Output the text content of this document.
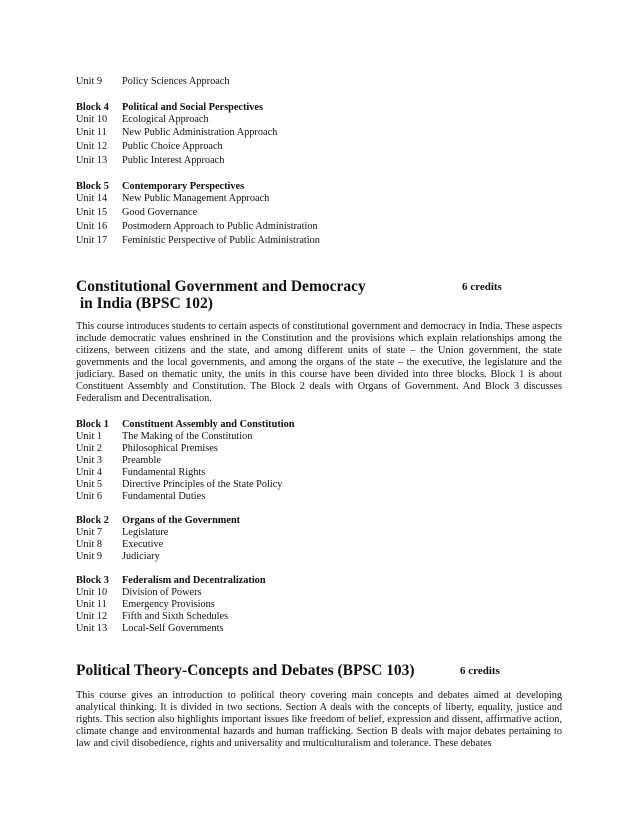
Unit 9 Policy Sciences Approach
Block 4 Political and Social Perspectives
Unit 10 Ecological Approach
Unit 11 New Public Administration Approach
Unit 12 Public Choice Approach
Unit 13 Public Interest Approach
Block 5 Contemporary Perspectives
Unit 14 New Public Management Approach
Unit 15 Good Governance
Unit 16 Postmodern Approach to Public Administration
Unit 17 Feministic Perspective of Public Administration
Constitutional Government and Democracy	6 credits
in India (BPSC 102)

This course introduces students to certain aspects of constitutional government and democracy in India. These aspects include democratic values enshrined in the Constitution and the provisions which explain relationships among the citizens, between citizens and the state, and among different units of state – the Union government, the state governments and the local governments, and among the organs of the state – the executive, the legislature and the judiciary. Based on thematic unity, the units in this course have been divided into three blocks. Block 1 is about Constituent Assembly and Constitution. The Block 2 deals with Organs of Government. And Block 3 discusses Federalism and Decentralisation.

Block 1 Constituent Assembly and Constitution
Unit 1 The Making of the Constitution
Unit 2 Philosophical Premises
Unit 3 Preamble
Unit 4 Fundamental Rights
Unit 5 Directive Principles of the State Policy
Unit 6 Fundamental Duties
Block 2 Organs of the Government
Unit 7 Legislature
Unit 8 Executive
Unit 9 Judiciary
Block 3 Federalism and Decentralization
Unit 10 Division of Powers
Unit 11 Emergency Provisions
Unit 12 Fifth and Sixth Schedules
Unit 13 Local-Self Governments
Political Theory-Concepts and Debates (BPSC 103)	6 credits

This course gives an introduction to political theory covering main concepts and debates aimed at developing analytical thinking. It is divided in two sections. Section A deals with the concepts of liberty, equality, justice and rights. This section also highlights important issues like freedom of belief, expression and dissent, affirmative action, climate change and environmental hazards and human trafficking. Section B deals with major debates pertaining to law and civil disobedience, rights and universality and multiculturalism and tolerance. These debates
